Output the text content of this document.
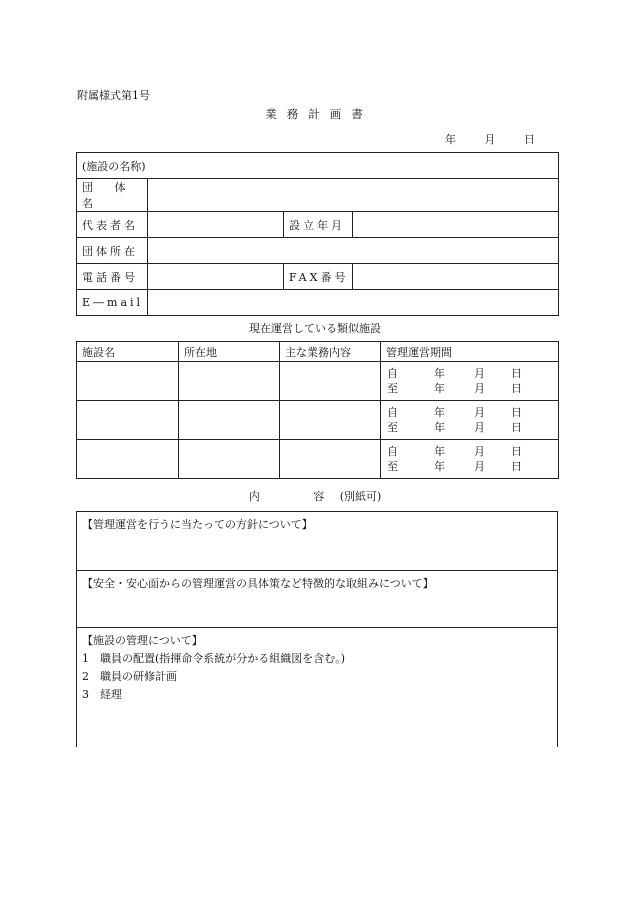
附属様式第1号
業務計画書
年	月	日
(施設の名称)			
団 体 名			
代表者名		設立年月	
団体所在			
電話番号		FAX番号	
E―mail			
現在運営している類似施設
施設名	所在地	主な業務内容	管理運営期間

			自 年 月 日
至 年 月 日

			自 年 月 日
至 年 月 日

			自 年 月 日
至 年 月 日
内	容 (別紙可)
【管理運営を行うに当たっての方針について】
【安全・安心面からの管理運営の具体策など特徴的な取組みについて】
【施設の管理について】
1 職員の配置(指揮命令系統が分かる組織図を含む。)
2 職員の研修計画
3 経理
